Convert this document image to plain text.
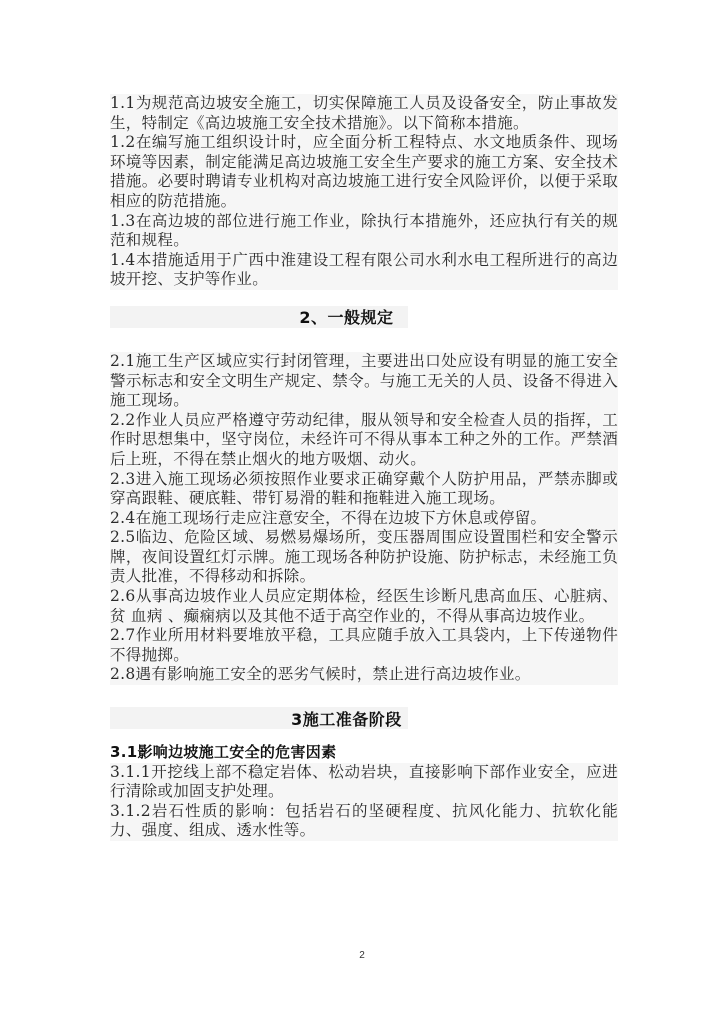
1.1为规范高边坡安全施工，切实保障施工人员及设备安全，防止事故发生，特制定《高边坡施工安全技术措施》。以下简称本措施。

1.2在编写施工组织设计时，应全面分析工程特点、水文地质条件、现场环境等因素，制定能满足高边坡施工安全生产要求的施工方案、安全技术措施。必要时聘请专业机构对高边坡施工进行安全风险评价，以便于采取相应的防范措施。

1.3在高边坡的部位进行施工作业，除执行本措施外，还应执行有关的规范和规程。

1.4本措施适用于广西中淮建设工程有限公司水利水电工程所进行的高边坡开挖、支护等作业。

2、一般规定

2.1施工生产区域应实行封闭管理，主要进出口处应设有明显的施工安全警示标志和安全文明生产规定、禁令。与施工无关的人员、设备不得进入施工现场。

2.2作业人员应严格遵守劳动纪律，服从领导和安全检查人员的指挥，工作时思想集中，坚守岗位，未经许可不得从事本工种之外的工作。严禁酒后上班，不得在禁止烟火的地方吸烟、动火。

2.3进入施工现场必须按照作业要求正确穿戴个人防护用品，严禁赤脚或穿高跟鞋、硬底鞋、带钉易滑的鞋和拖鞋进入施工现场。

2.4在施工现场行走应注意安全，不得在边坡下方休息或停留。

2.5临边、危险区域、易燃易爆场所，变压器周围应设置围栏和安全警示牌，夜间设置红灯示牌。施工现场各种防护设施、防护标志，未经施工负责人批准，不得移动和拆除。

2.6从事高边坡作业人员应定期体检，经医生诊断凡患高血压、心脏病、贫 血病 、癫痫病以及其他不适于高空作业的，不得从事高边坡作业。

2.7作业所用材料要堆放平稳，工具应随手放入工具袋内，上下传递物件不得抛掷。

2.8遇有影响施工安全的恶劣气候时，禁止进行高边坡作业。

3施工准备阶段

3.1影响边坡施工安全的危害因素

3.1.1开挖线上部不稳定岩体、松动岩块，直接影响下部作业安全，应进行清除或加固支护处理。

3.1.2岩石性质的影响：包括岩石的坚硬程度、抗风化能力、抗软化能力、强度、组成、透水性等。

2
